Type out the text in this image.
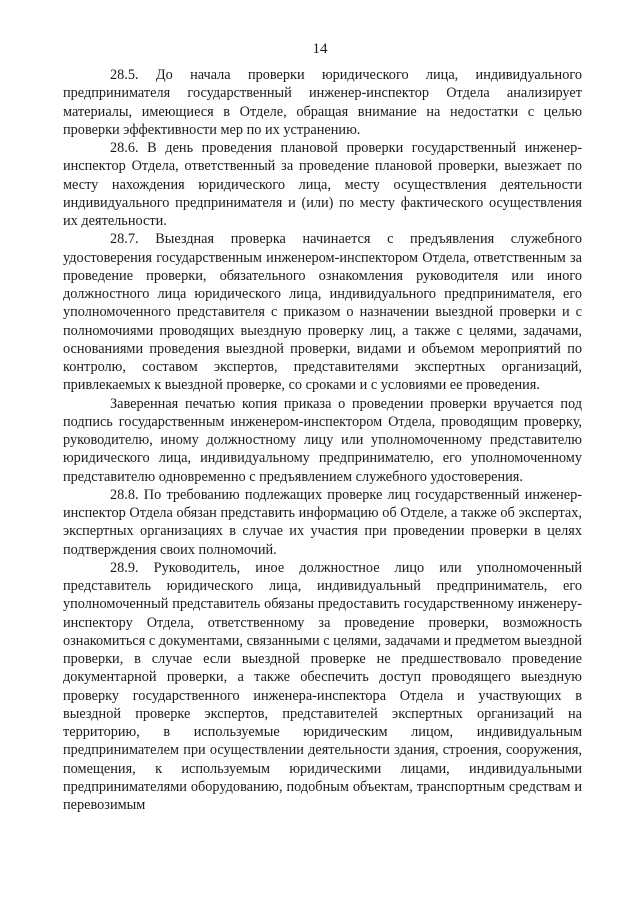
14

28.5. До начала проверки юридического лица, индивидуального предпринимателя государственный инженер-инспектор Отдела анализирует материалы, имеющиеся в Отделе, обращая внимание на недостатки с целью проверки эффективности мер по их устранению.

28.6. В день проведения плановой проверки государственный инженер-инспектор Отдела, ответственный за проведение плановой проверки, выезжает по месту нахождения юридического лица, месту осуществления деятельности индивидуального предпринимателя и (или) по месту фактического осуществления их деятельности.

28.7. Выездная проверка начинается с предъявления служебного удостоверения государственным инженером-инспектором Отдела, ответственным за проведение проверки, обязательного ознакомления руководителя или иного должностного лица юридического лица, индивидуального предпринимателя, его уполномоченного представителя с приказом о назначении выездной проверки и с полномочиями проводящих выездную проверку лиц, а также с целями, задачами, основаниями проведения выездной проверки, видами и объемом мероприятий по контролю, составом экспертов, представителями экспертных организаций, привлекаемых к выездной проверке, со сроками и с условиями ее проведения.

Заверенная печатью копия приказа о проведении проверки вручается под подпись государственным инженером-инспектором Отдела, проводящим проверку, руководителю, иному должностному лицу или уполномоченному представителю юридического лица, индивидуальному предпринимателю, его уполномоченному представителю одновременно с предъявлением служебного удостоверения.

28.8. По требованию подлежащих проверке лиц государственный инженер-инспектор Отдела обязан представить информацию об Отделе, а также об экспертах, экспертных организациях в случае их участия при проведении проверки в целях подтверждения своих полномочий.

28.9. Руководитель, иное должностное лицо или уполномоченный представитель юридического лица, индивидуальный предприниматель, его уполномоченный представитель обязаны предоставить государственному инженеру-инспектору Отдела, ответственному за проведение проверки, возможность ознакомиться с документами, связанными с целями, задачами и предметом выездной проверки, в случае если выездной проверке не предшествовало проведение документарной проверки, а также обеспечить доступ проводящего выездную проверку государственного инженера-инспектора Отдела и участвующих в выездной проверке экспертов, представителей экспертных организаций на территорию, в используемые юридическим лицом, индивидуальным предпринимателем при осуществлении деятельности здания, строения, сооружения, помещения, к используемым юридическими лицами, индивидуальными предпринимателями оборудованию, подобным объектам, транспортным средствам и перевозимым
